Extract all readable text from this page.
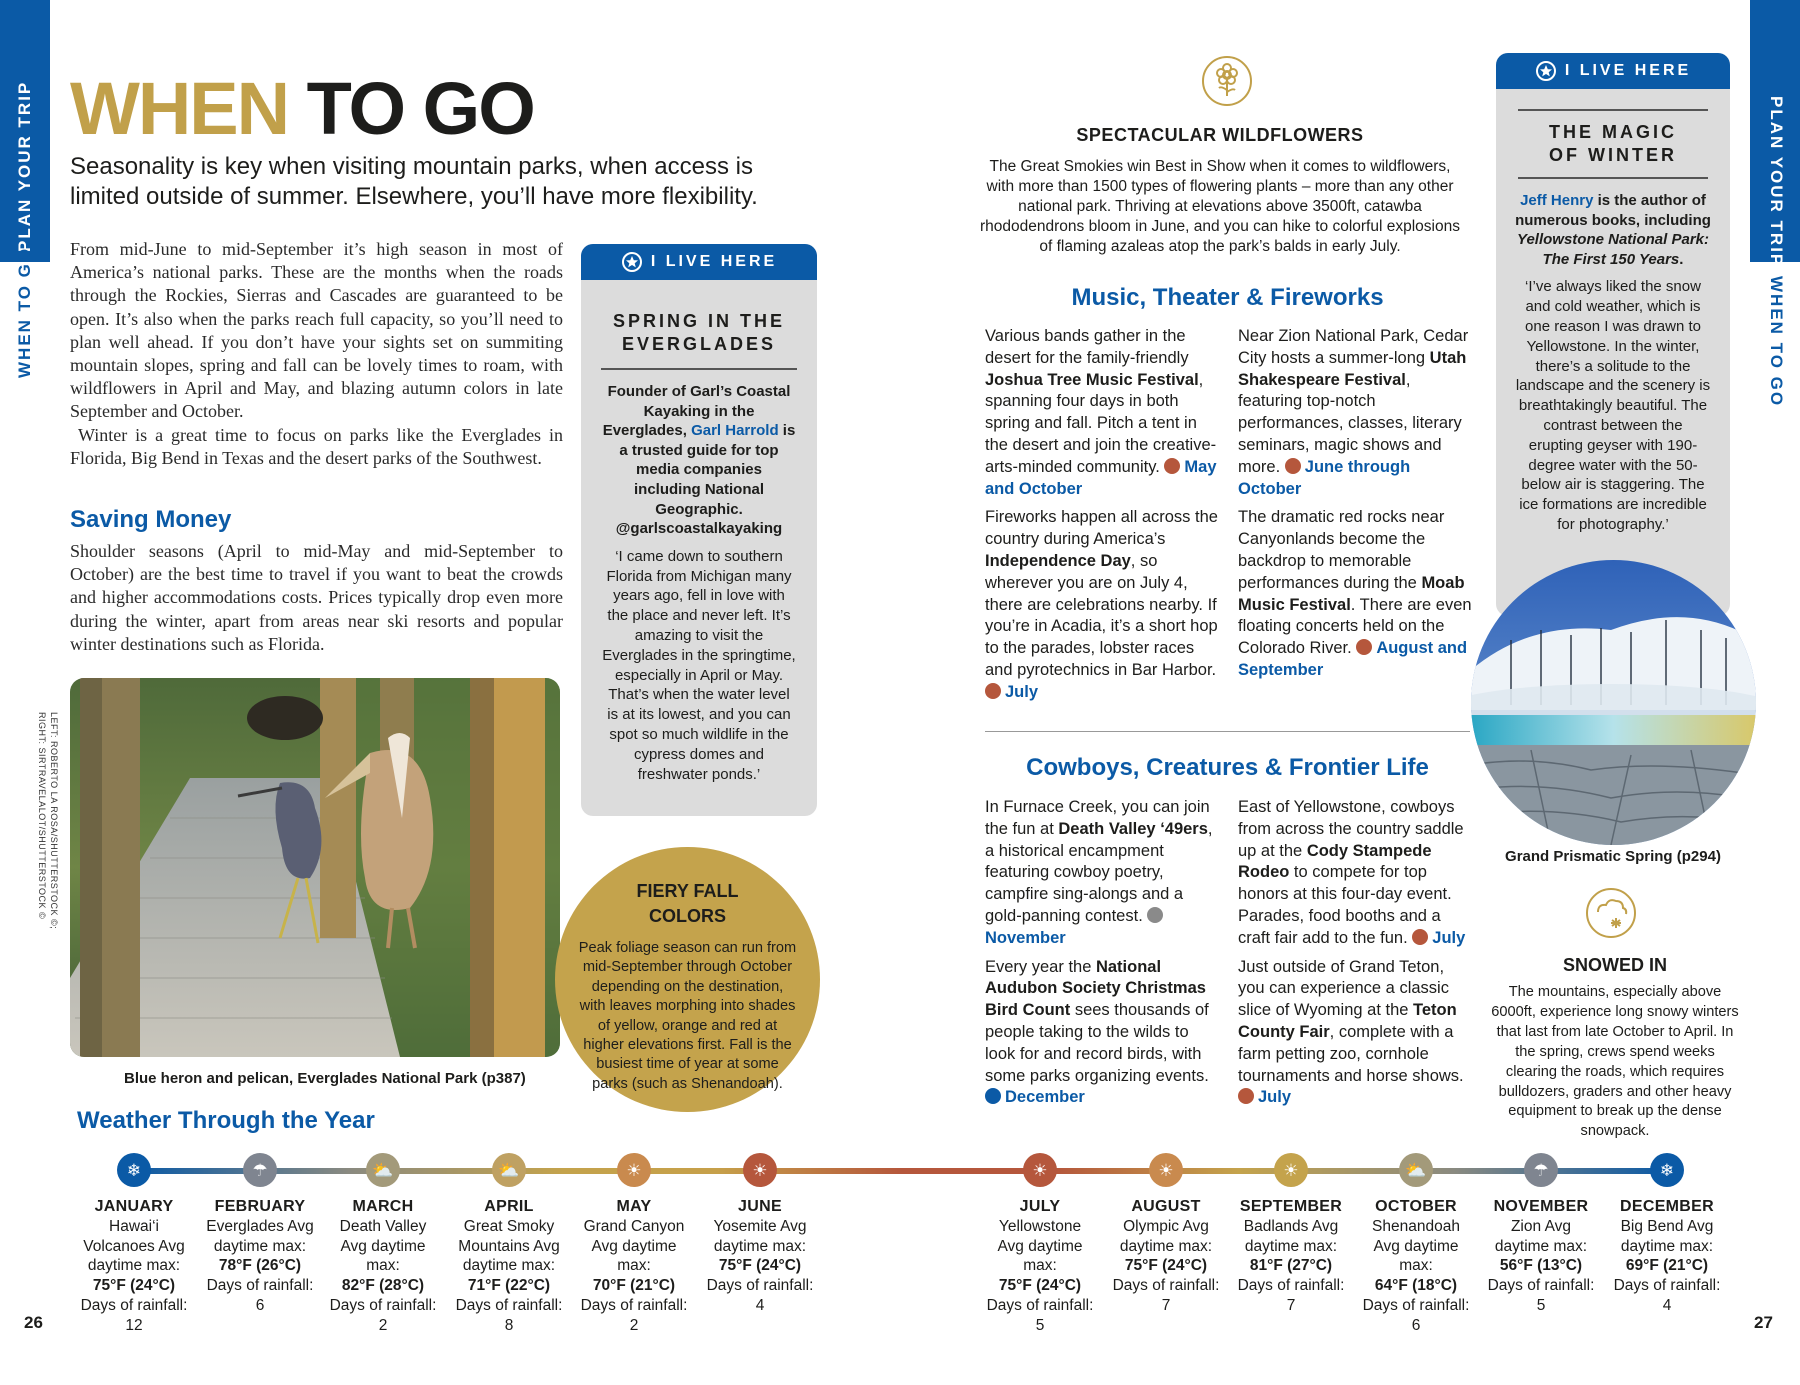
PLAN YOUR TRIP
WHEN TO GO
PLAN YOUR TRIP
WHEN TO GO
26	27
WHEN TO GO
Seasonality is key when visiting mountain parks, when access is limited outside of summer. Elsewhere, you’ll have more flexibility.

From mid-June to mid-September it’s high season in most of America’s national parks. These are the months when the roads through the Rockies, Sierras and Cascades are guaranteed to be open. It’s also when the parks reach full capacity, so you’ll need to plan well ahead. If you don’t have your sights set on summiting mountain slopes, spring and fall can be lovely times to roam, with wildflowers in April and May, and blazing autumn colors in late September and October.

Winter is a great time to focus on parks like the Everglades in Florida, Big Bend in Texas and the desert parks of the Southwest.

Saving Money
Shoulder seasons (April to mid-May and mid-September to October) are the best time to travel if you want to beat the crowds and higher accommodations costs. Prices typically drop even more during the winter, apart from areas near ski resorts and popular winter destinations such as Florida.
I LIVE HERE
SPRING IN THE
EVERGLADES
Founder of Garl’s Coastal Kayaking in the Everglades, Garl Harrold is a trusted guide for top media companies including National Geographic. @garlscoastalkayaking
‘I came down to southern Florida from Michigan many years ago, fell in love with the place and never left. It’s amazing to visit the Everglades in the springtime, especially in April or May. That’s when the water level is at its lowest, and you can spot so much wildlife in the cypress domes and freshwater ponds.’
Blue heron and pelican, Everglades National Park (p387)
LEFT: ROBERTO LA ROSA/SHUTTERSTOCK ©;
RIGHT: SIRTRAVELALOT/SHUTTERSTOCK ©	FIERY FALL
COLORS
Peak foliage season can run from mid-September through October depending on the destination, with leaves morphing into shades of yellow, orange and red at higher elevations first. Fall is the busiest time of year at some parks (such as Shenandoah).
SPECTACULAR WILDFLOWERS
The Great Smokies win Best in Show when it comes to wildflowers, with more than 1500 types of flowering plants – more than any other national park. Thriving at elevations above 3500ft, catawba rhododendrons bloom in June, and you can hike to colorful explosions of flaming azaleas atop the park’s balds in early July.
Music, Theater & Fireworks

Various bands gather in the desert for the family-friendly Joshua Tree Music Festival, spanning four days in both spring and fall. Pitch a tent in the desert and join the creative-arts-minded community. May and October

Fireworks happen all across the country during America’s Independence Day, so wherever you are on July 4, there are celebrations nearby. If you’re in Acadia, it’s a short hop to the parades, lobster races and pyrotechnics in Bar Harbor. July

Near Zion National Park, Cedar City hosts a summer-long Utah Shakespeare Festival, featuring top-notch performances, classes, literary seminars, magic shows and more. June through October

The dramatic red rocks near Canyonlands become the backdrop to memorable performances during the Moab Music Festival. There are even floating concerts held on the Colorado River. August and September

Cowboys, Creatures & Frontier Life

In Furnace Creek, you can join the fun at Death Valley ‘49ers, a historical encampment featuring cowboy poetry, campfire sing-alongs and a gold-panning contest. November

Every year the National Audubon Society Christmas Bird Count sees thousands of people taking to the wilds to look for and record birds, with some parks organizing events. December

East of Yellowstone, cowboys from across the country saddle up at the Cody Stampede Rodeo to compete for top honors at this four-day event. Parades, food booths and a craft fair add to the fun. July

Just outside of Grand Teton, you can experience a classic slice of Wyoming at the Teton County Fair, complete with a farm petting zoo, cornhole tournaments and horse shows. July

I LIVE HERE
THE MAGIC
OF WINTER
Jeff Henry is the author of numerous books, including Yellowstone National Park: The First 150 Years.
‘I’ve always liked the snow and cold weather, which is one reason I was drawn to Yellowstone. In the winter, there’s a solitude to the landscape and the scenery is breathtakingly beautiful. The contrast between the erupting geyser with 190-degree water with the 50-below air is staggering. The ice formations are incredible for photography.’
Grand Prismatic Spring (p294)
SNOWED IN
The mountains, especially above 6000ft, experience long snowy winters that last from late October to April. In the spring, crews spend weeks clearing the roads, which requires bulldozers, graders and other heavy equipment to break up the dense snowpack.
Weather Through the Year
❄
JANUARY
Hawai‘i
Volcanoes Avg
daytime max:
75°F (24°C)
Days of rainfall:
12
☂
FEBRUARY
Everglades Avg
daytime max:
78°F (26°C)
Days of rainfall:
6
⛅
MARCH
Death Valley
Avg daytime
max:
82°F (28°C)
Days of rainfall:
2
⛅
APRIL
Great Smoky
Mountains Avg
daytime max:
71°F (22°C)
Days of rainfall:
8
☀
MAY
Grand Canyon
Avg daytime
max:
70°F (21°C)
Days of rainfall:
2
☀
JUNE
Yosemite Avg
daytime max:
75°F (24°C)
Days of rainfall:
4
☀
JULY
Yellowstone
Avg daytime
max:
75°F (24°C)
Days of rainfall:
5
☀
AUGUST
Olympic Avg
daytime max:
75°F (24°C)
Days of rainfall:
7
☀
SEPTEMBER
Badlands Avg
daytime max:
81°F (27°C)
Days of rainfall:
7
⛅
OCTOBER
Shenandoah
Avg daytime
max:
64°F (18°C)
Days of rainfall:
6
☂
NOVEMBER
Zion Avg
daytime max:
56°F (13°C)
Days of rainfall:
5
❄
DECEMBER
Big Bend Avg
daytime max:
69°F (21°C)
Days of rainfall:
4
